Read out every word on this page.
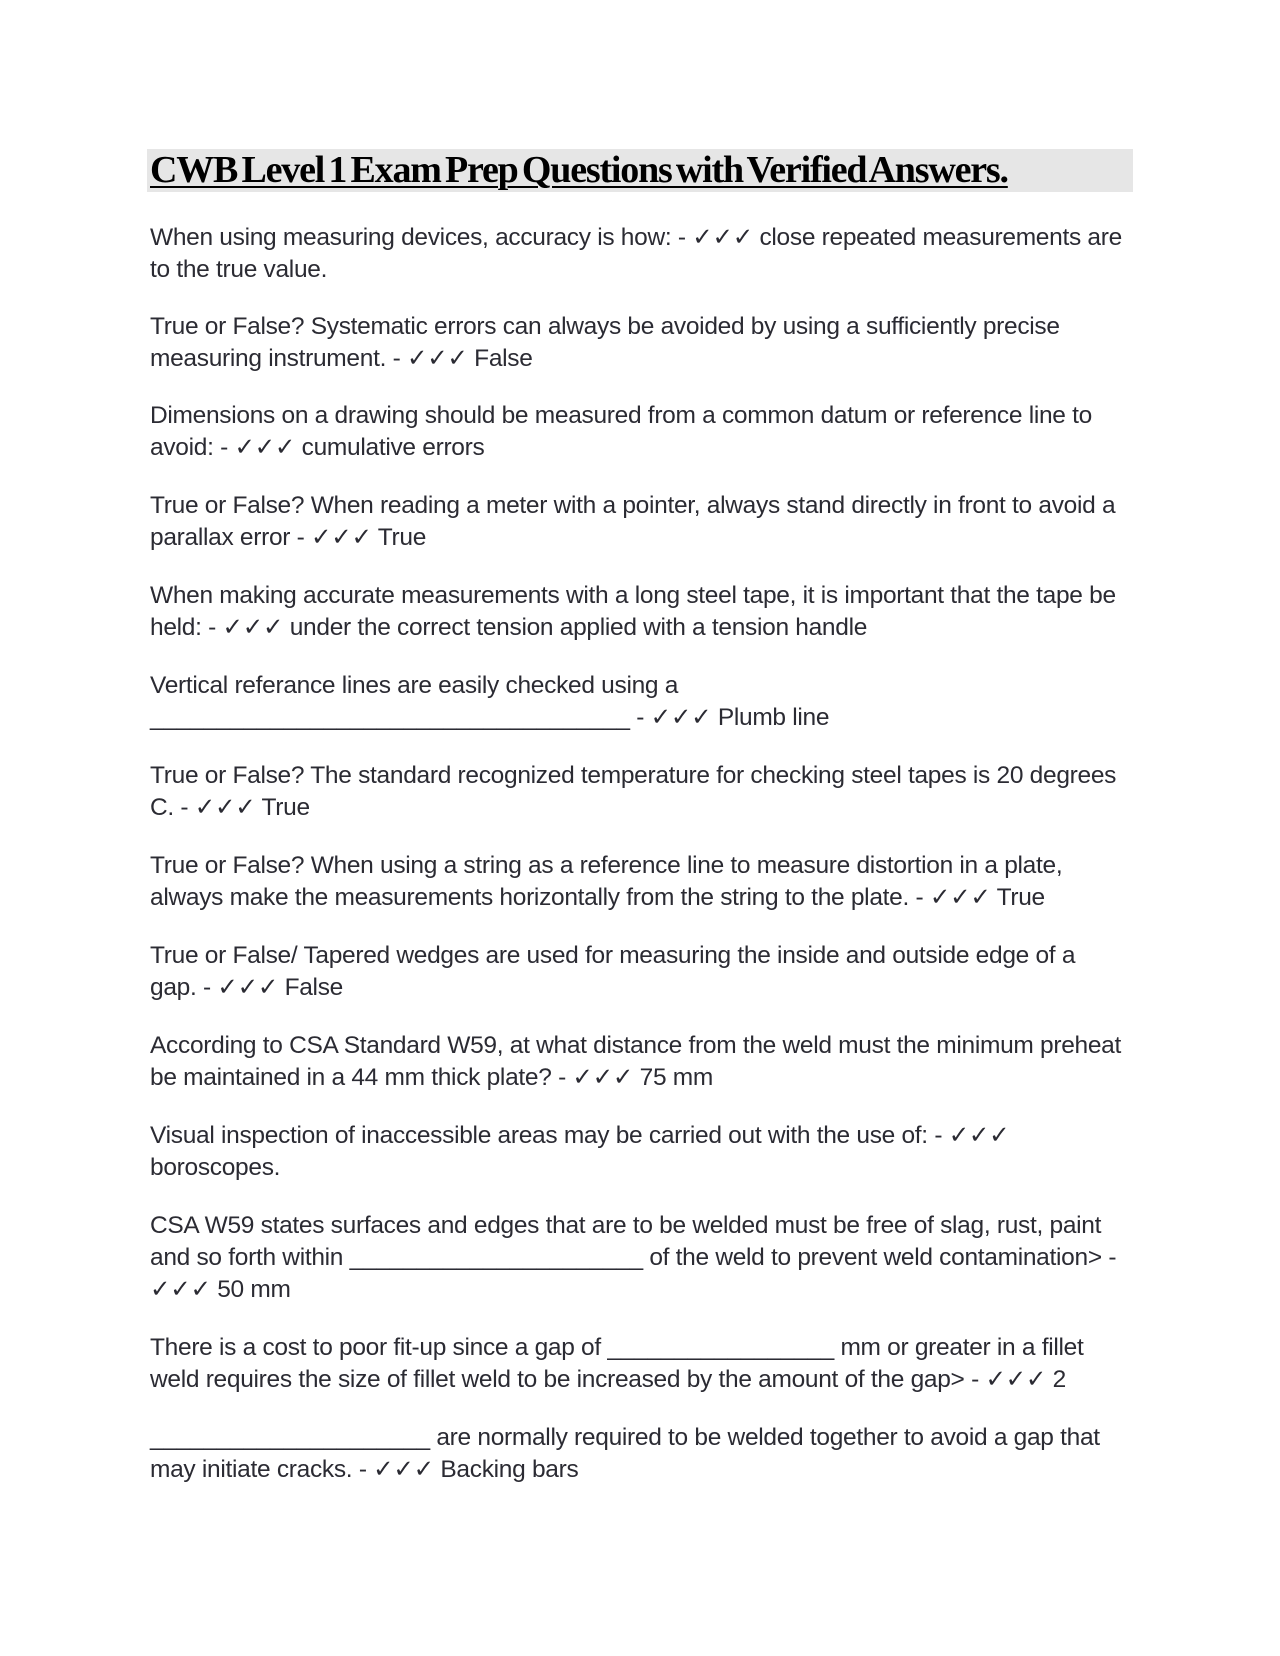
CWB Level 1 Exam Prep Questions with Verified Answers.

When using measuring devices, accuracy is how: - ✓✓✓ close repeated measurements are to the true value.

True or False? Systematic errors can always be avoided by using a sufficiently precise measuring instrument. - ✓✓✓ False

Dimensions on a drawing should be measured from a common datum or reference line to avoid: - ✓✓✓ cumulative errors

True or False? When reading a meter with a pointer, always stand directly in front to avoid a parallax error - ✓✓✓ True

When making accurate measurements with a long steel tape, it is important that the tape be held: - ✓✓✓ under the correct tension applied with a tension handle

Vertical referance lines are easily checked using a ____________________________________ - ✓✓✓ Plumb line

True or False? The standard recognized temperature for checking steel tapes is 20 degrees C. - ✓✓✓ True

True or False? When using a string as a reference line to measure distortion in a plate, always make the measurements horizontally from the string to the plate. - ✓✓✓ True

True or False/ Tapered wedges are used for measuring the inside and outside edge of a gap. - ✓✓✓ False

According to CSA Standard W59, at what distance from the weld must the minimum preheat be maintained in a 44 mm thick plate? - ✓✓✓ 75 mm

Visual inspection of inaccessible areas may be carried out with the use of: - ✓✓✓ boroscopes.

CSA W59 states surfaces and edges that are to be welded must be free of slag, rust, paint and so forth within ______________________ of the weld to prevent weld contamination> - ✓✓✓ 50 mm

There is a cost to poor fit-up since a gap of _________________ mm or greater in a fillet weld requires the size of fillet weld to be increased by the amount of the gap> - ✓✓✓ 2

_____________________ are normally required to be welded together to avoid a gap that may initiate cracks. - ✓✓✓ Backing bars
